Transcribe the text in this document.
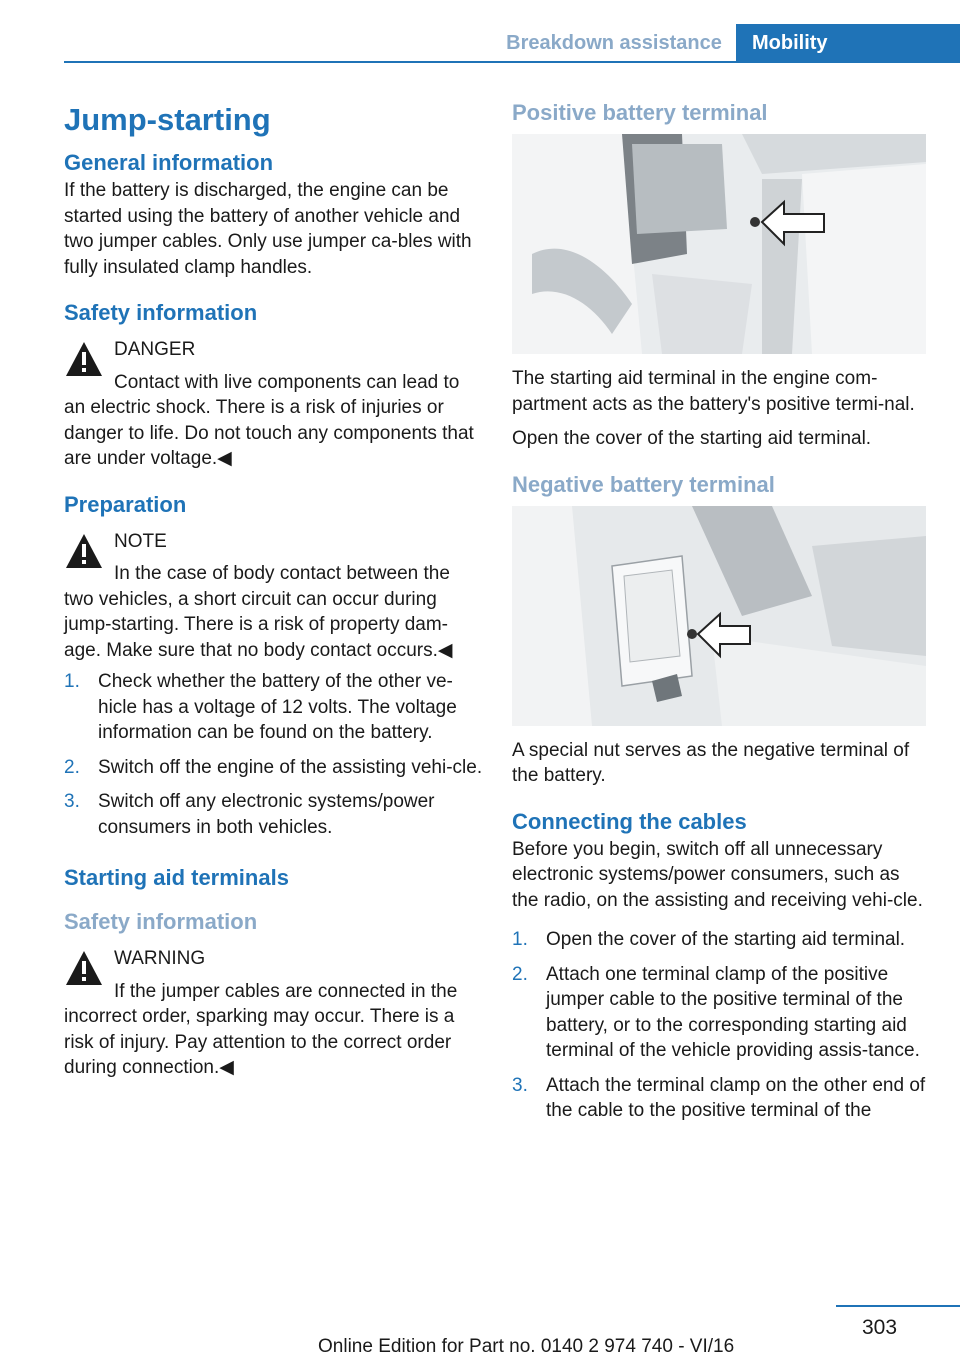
Breakdown assistance	Mobility
Jump-starting
General information

If the battery is discharged, the engine can be started using the battery of another vehicle and two jumper cables. Only use jumper ca‐bles with fully insulated clamp handles.

Safety information
DANGER

Contact with live components can lead to an electric shock. There is a risk of injuries or danger to life. Do not touch any components that are under voltage.◀

Preparation
NOTE

In the case of body contact between the two vehicles, a short circuit can occur during jump-starting. There is a risk of property dam‐age. Make sure that no body contact occurs.◀

1. Check whether the battery of the other ve‐hicle has a voltage of 12 volts. The voltage information can be found on the battery.
2. Switch off the engine of the assisting vehi‐cle.
3. Switch off any electronic systems/power consumers in both vehicles.
Starting aid terminals
Safety information
WARNING

If the jumper cables are connected in the incorrect order, sparking may occur. There is a risk of injury. Pay attention to the correct order during connection.◀

Positive battery terminal

The starting aid terminal in the engine com‐partment acts as the battery's positive termi‐nal.

Open the cover of the starting aid terminal.

Negative battery terminal

A special nut serves as the negative terminal of the battery.

Connecting the cables

Before you begin, switch off all unnecessary electronic systems/power consumers, such as the radio, on the assisting and receiving vehi‐cle.

1. Open the cover of the starting aid terminal.
2. Attach one terminal clamp of the positive jumper cable to the positive terminal of the battery, or to the corresponding starting aid terminal of the vehicle providing assis‐tance.
3. Attach the terminal clamp on the other end of the cable to the positive terminal of the
303
Online Edition for Part no. 0140 2 974 740 - VI/16
